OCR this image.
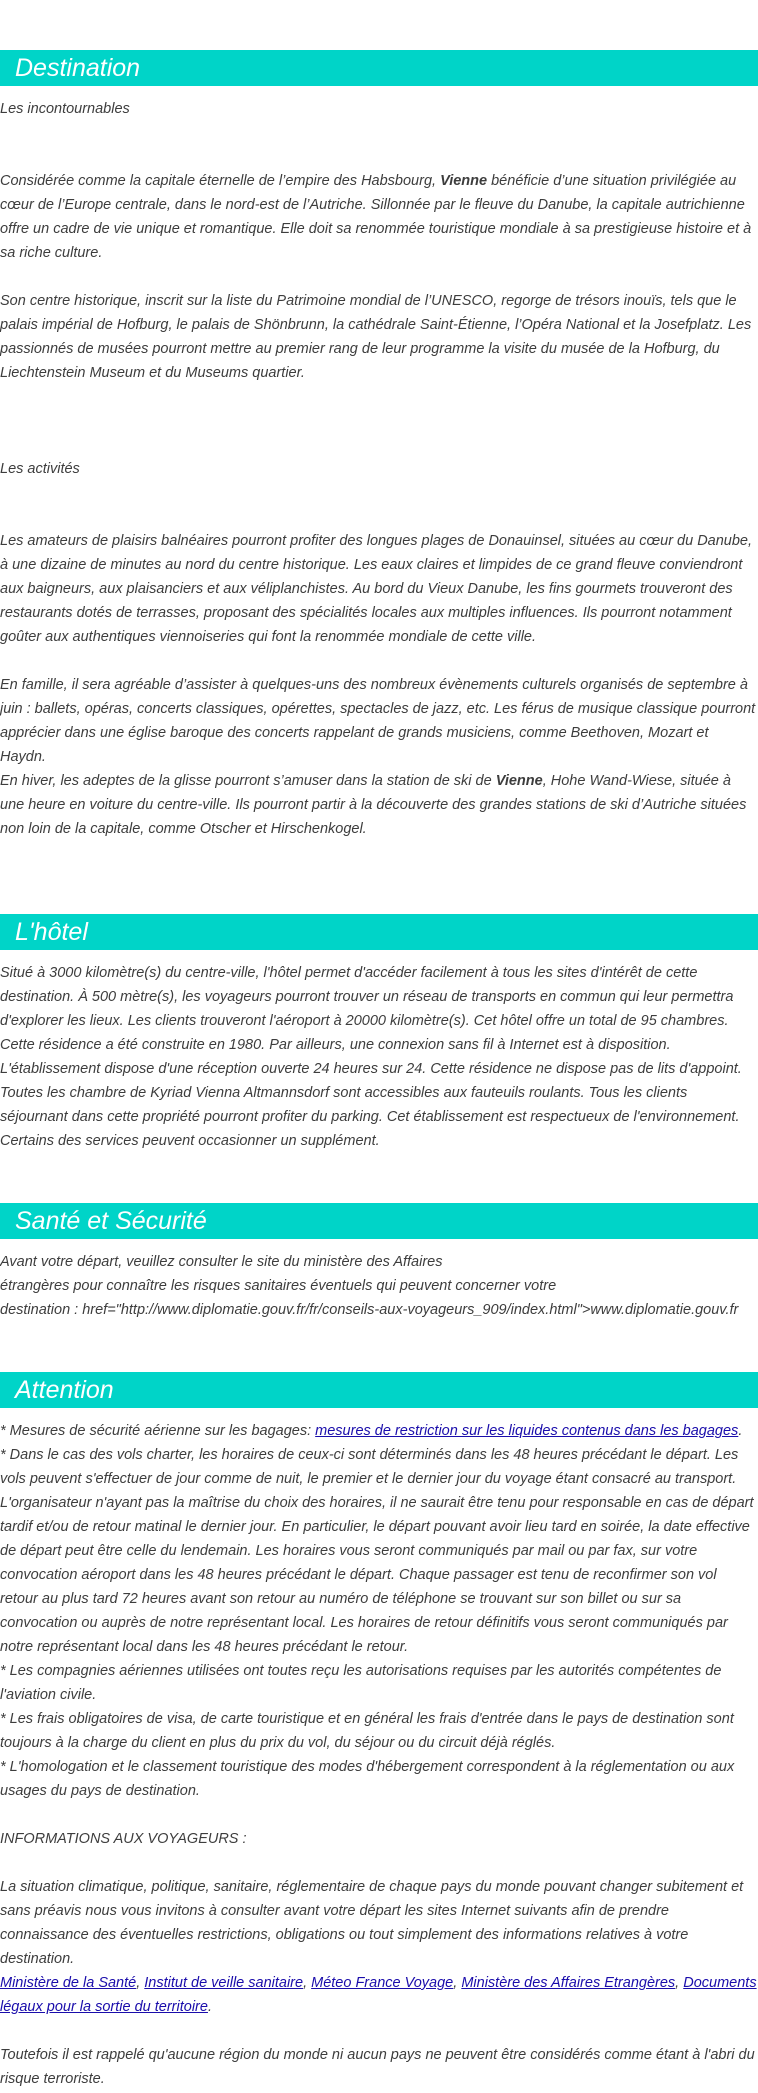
Destination

Les incontournables

Considérée comme la capitale éternelle de l’empire des Habsbourg, Vienne bénéficie d’une situation privilégiée au cœur de l’Europe centrale, dans le nord-est de l’Autriche. Sillonnée par le fleuve du Danube, la capitale autrichienne offre un cadre de vie unique et romantique. Elle doit sa renommée touristique mondiale à sa prestigieuse histoire et à sa riche culture.

Son centre historique, inscrit sur la liste du Patrimoine mondial de l’UNESCO, regorge de trésors inouïs, tels que le palais impérial de Hofburg, le palais de Shönbrunn, la cathédrale Saint-Étienne, l’Opéra National et la Josefplatz. Les passionnés de musées pourront mettre au premier rang de leur programme la visite du musée de la Hofburg, du Liechtenstein Museum et du Museums quartier.

Les activités

Les amateurs de plaisirs balnéaires pourront profiter des longues plages de Donauinsel, situées au cœur du Danube, à une dizaine de minutes au nord du centre historique. Les eaux claires et limpides de ce grand fleuve conviendront aux baigneurs, aux plaisanciers et aux véliplanchistes. Au bord du Vieux Danube, les fins gourmets trouveront des restaurants dotés de terrasses, proposant des spécialités locales aux multiples influences. Ils pourront notamment goûter aux authentiques viennoiseries qui font la renommée mondiale de cette ville.

En famille, il sera agréable d’assister à quelques-uns des nombreux évènements culturels organisés de septembre à juin : ballets, opéras, concerts classiques, opérettes, spectacles de jazz, etc. Les férus de musique classique pourront apprécier dans une église baroque des concerts rappelant de grands musiciens, comme Beethoven, Mozart et Haydn.

En hiver, les adeptes de la glisse pourront s’amuser dans la station de ski de Vienne, Hohe Wand-Wiese, située à une heure en voiture du centre-ville. Ils pourront partir à la découverte des grandes stations de ski d’Autriche situées non loin de la capitale, comme Otscher et Hirschenkogel.

L'hôtel

Situé à 3000 kilomètre(s) du centre-ville, l'hôtel permet d'accéder facilement à tous les sites d'intérêt de cette destination. À 500 mètre(s), les voyageurs pourront trouver un réseau de transports en commun qui leur permettra d'explorer les lieux. Les clients trouveront l'aéroport à 20000 kilomètre(s). Cet hôtel offre un total de 95 chambres. Cette résidence a été construite en 1980. Par ailleurs, une connexion sans fil à Internet est à disposition. L'établissement dispose d'une réception ouverte 24 heures sur 24. Cette résidence ne dispose pas de lits d'appoint. Toutes les chambre de Kyriad Vienna Altmannsdorf sont accessibles aux fauteuils roulants. Tous les clients séjournant dans cette propriété pourront profiter du parking. Cet établissement est respectueux de l'environnement. Certains des services peuvent occasionner un supplément.

Santé et Sécurité
Avant votre départ, veuillez consulter le site du ministère des Affaires
étrangères pour connaître les risques sanitaires éventuels qui peuvent concerner votre
destination : href="http://www.diplomatie.gouv.fr/fr/conseils-aux-voyageurs_909/index.html">www.diplomatie.gouv.fr
Attention

* Mesures de sécurité aérienne sur les bagages: mesures de restriction sur les liquides contenus dans les bagages.

* Dans le cas des vols charter, les horaires de ceux-ci sont déterminés dans les 48 heures précédant le départ. Les vols peuvent s'effectuer de jour comme de nuit, le premier et le dernier jour du voyage étant consacré au transport. L'organisateur n'ayant pas la maîtrise du choix des horaires, il ne saurait être tenu pour responsable en cas de départ tardif et/ou de retour matinal le dernier jour. En particulier, le départ pouvant avoir lieu tard en soirée, la date effective de départ peut être celle du lendemain. Les horaires vous seront communiqués par mail ou par fax, sur votre convocation aéroport dans les 48 heures précédant le départ. Chaque passager est tenu de reconfirmer son vol retour au plus tard 72 heures avant son retour au numéro de téléphone se trouvant sur son billet ou sur sa convocation ou auprès de notre représentant local. Les horaires de retour définitifs vous seront communiqués par notre représentant local dans les 48 heures précédant le retour.

* Les compagnies aériennes utilisées ont toutes reçu les autorisations requises par les autorités compétentes de l'aviation civile.

* Les frais obligatoires de visa, de carte touristique et en général les frais d'entrée dans le pays de destination sont toujours à la charge du client en plus du prix du vol, du séjour ou du circuit déjà réglés.

* L'homologation et le classement touristique des modes d'hébergement correspondent à la réglementation ou aux usages du pays de destination.

INFORMATIONS AUX VOYAGEURS :

La situation climatique, politique, sanitaire, réglementaire de chaque pays du monde pouvant changer subitement et sans préavis nous vous invitons à consulter avant votre départ les sites Internet suivants afin de prendre connaissance des éventuelles restrictions, obligations ou tout simplement des informations relatives à votre destination.

Ministère de la Santé, Institut de veille sanitaire, Méteo France Voyage, Ministère des Affaires Etrangères, Documents légaux pour la sortie du territoire.

Toutefois il est rappelé qu'aucune région du monde ni aucun pays ne peuvent être considérés comme étant à l'abri du risque terroriste.
